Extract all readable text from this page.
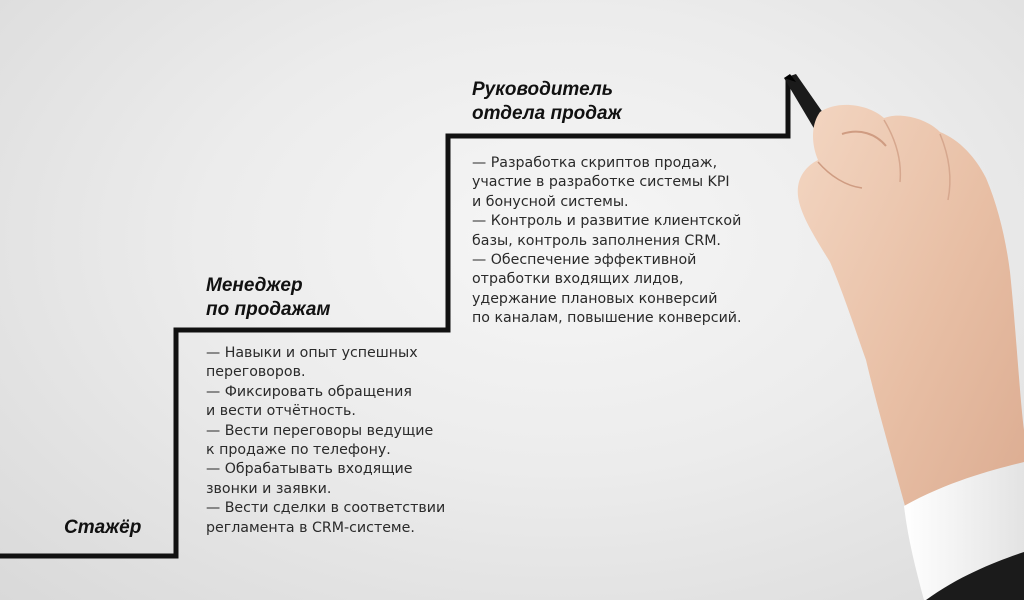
Стажёр
Менеджер
по продажам
— Навыки и опыт успешных
переговоров.
— Фиксировать обращения
и вести отчётность.
— Вести переговоры ведущие
к продаже по телефону.
— Обрабатывать входящие
звонки и заявки.
— Вести сделки в соответствии
регламента в CRM-системе.
Руководитель
отдела продаж
— Разработка скриптов продаж,
участие в разработке системы KPI
и бонусной системы.
— Контроль и развитие клиентской
базы, контроль заполнения CRM.
— Обеспечение эффективной
отработки входящих лидов,
удержание плановых конверсий
по каналам, повышение конверсий.
